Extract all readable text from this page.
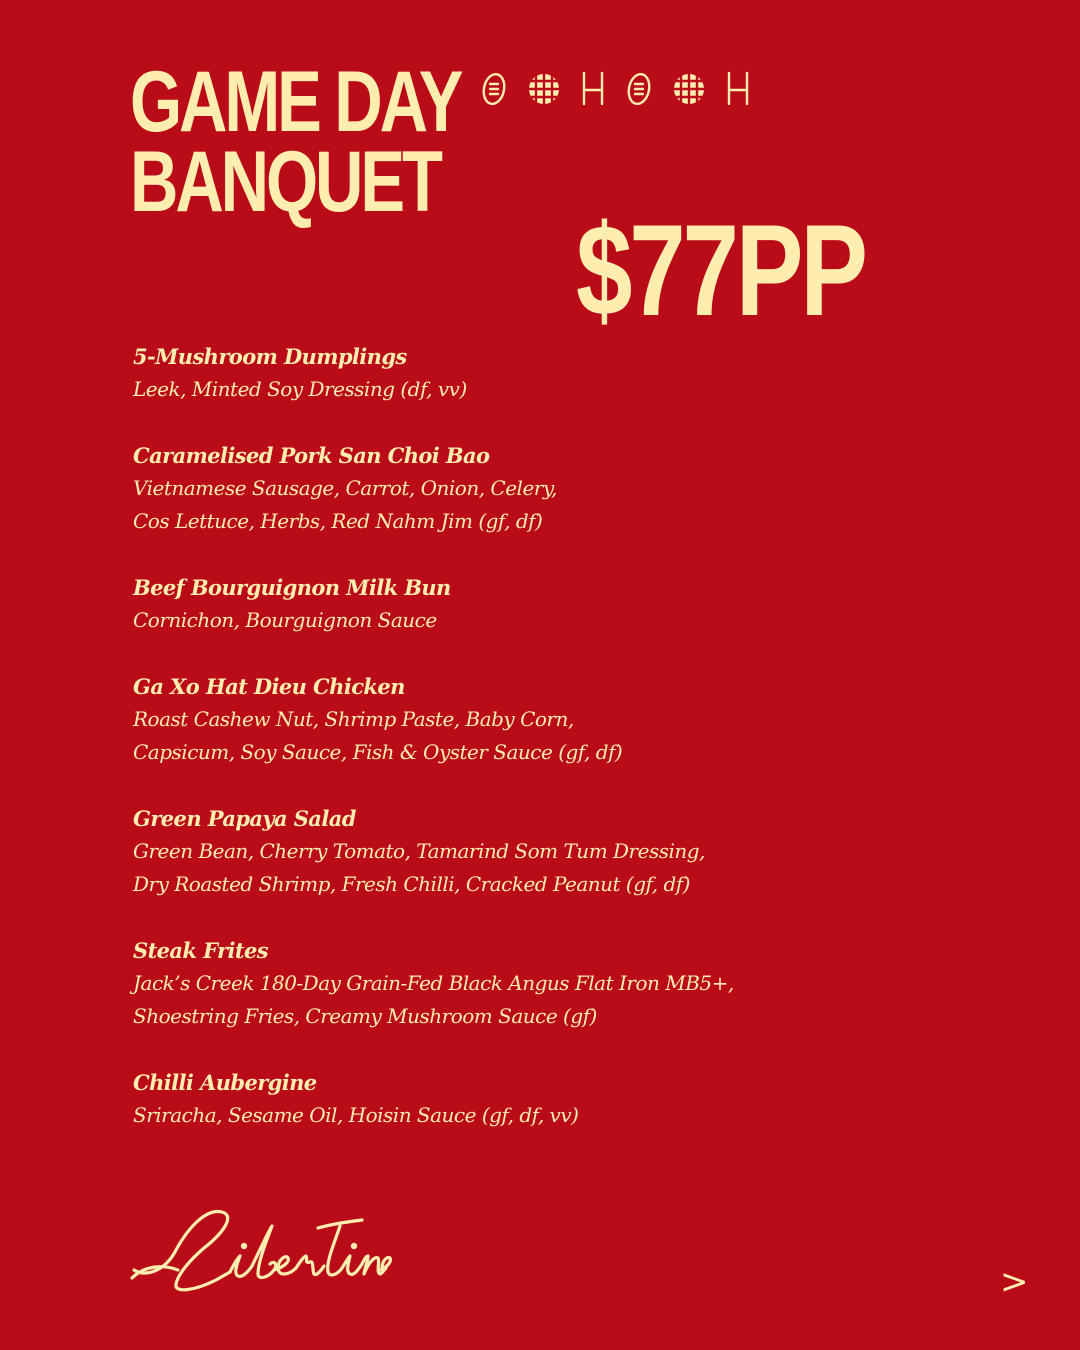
GAME DAY
BANQUET
$77PP
5-Mushroom Dumplings
Leek, Minted Soy Dressing (df, vv)
Caramelised Pork San Choi Bao
Vietnamese Sausage, Carrot, Onion, Celery,
Cos Lettuce, Herbs, Red Nahm Jim (gf, df)
Beef Bourguignon Milk Bun
Cornichon, Bourguignon Sauce
Ga Xo Hat Dieu Chicken
Roast Cashew Nut, Shrimp Paste, Baby Corn,
Capsicum, Soy Sauce, Fish & Oyster Sauce (gf, df)
Green Papaya Salad
Green Bean, Cherry Tomato, Tamarind Som Tum Dressing,
Dry Roasted Shrimp, Fresh Chilli, Cracked Peanut (gf, df)
Steak Frites
Jack’s Creek 180-Day Grain-Fed Black Angus Flat Iron MB5+,
Shoestring Fries, Creamy Mushroom Sauce (gf)
Chilli Aubergine
Sriracha, Sesame Oil, Hoisin Sauce (gf, df, vv)
>
